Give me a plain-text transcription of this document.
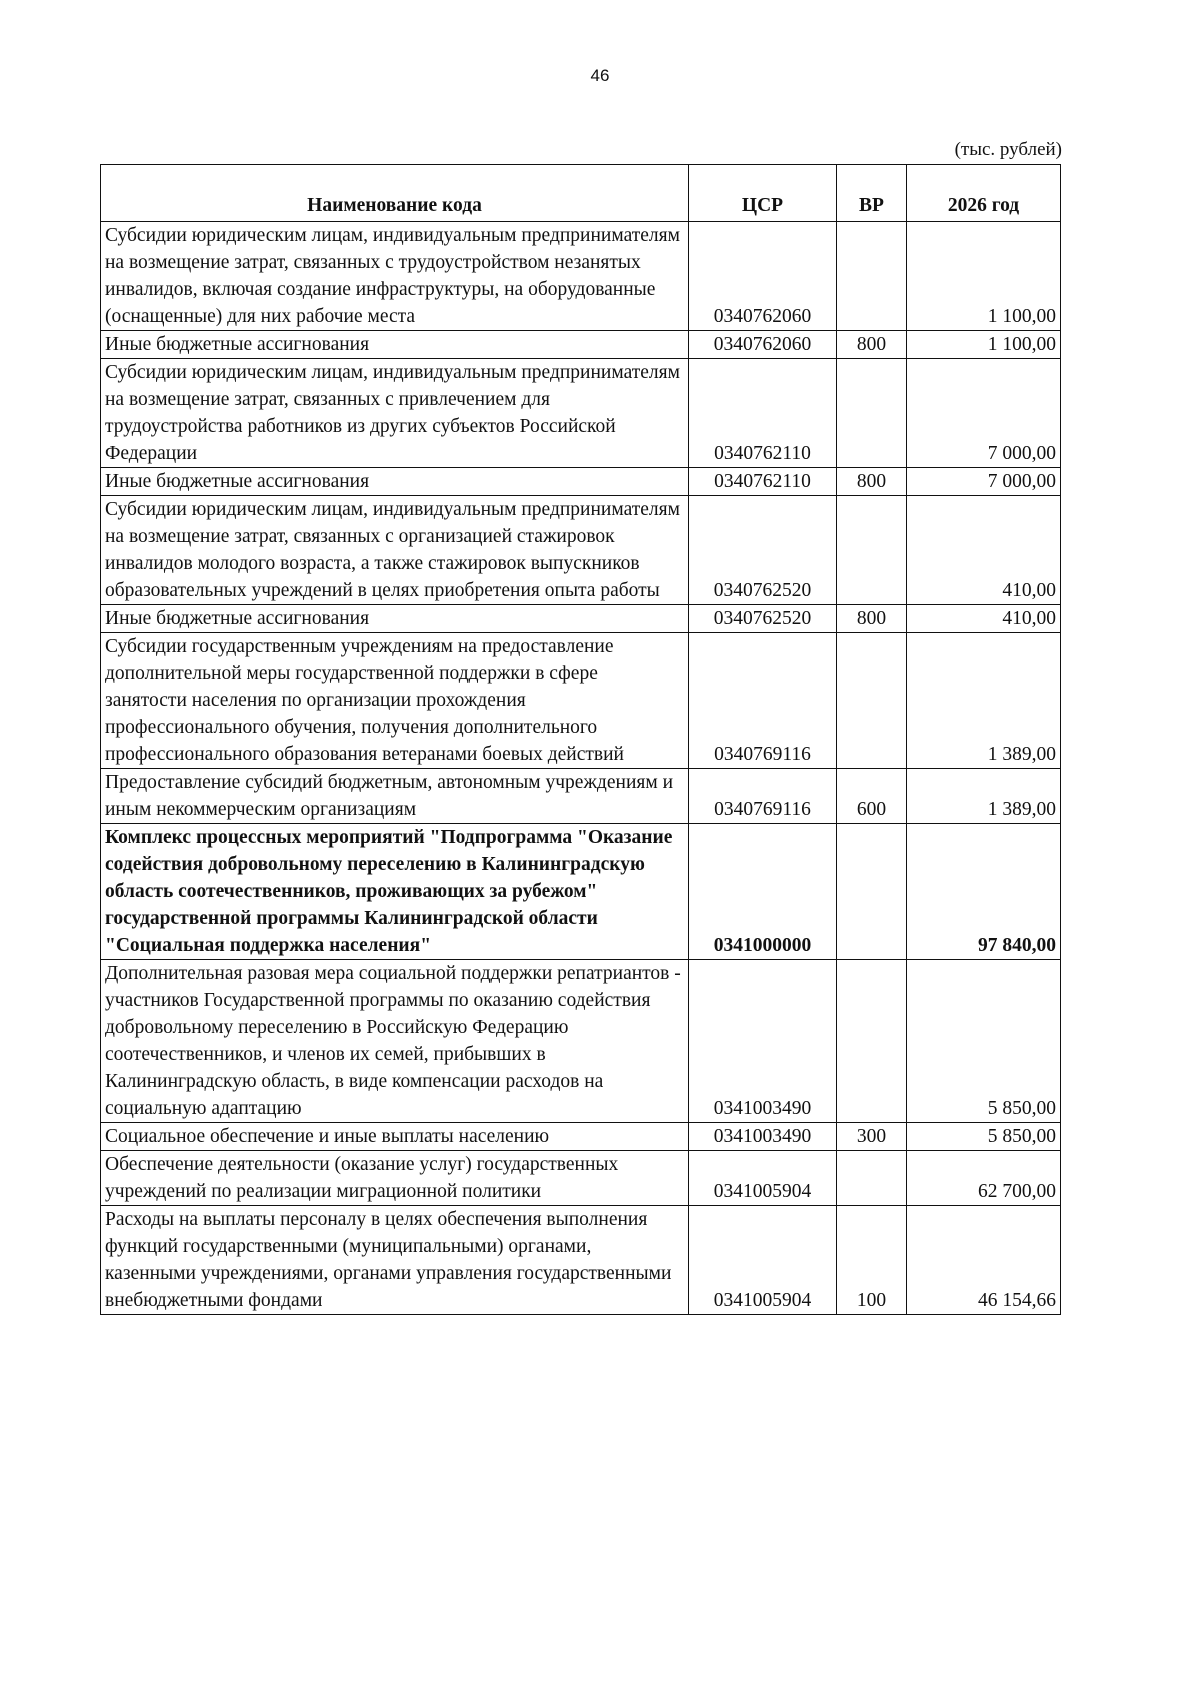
46
(тыс. рублей)
Наименование кода	ЦСР	ВР	2026 год
Субсидии юридическим лицам, индивидуальным предпринимателям на возмещение затрат, связанных с трудоустройством незанятых инвалидов, включая создание инфраструктуры, на оборудованные (оснащенные) для них рабочие места	0340762060		1 100,00
Иные бюджетные ассигнования	0340762060	800	1 100,00
Субсидии юридическим лицам, индивидуальным предпринимателям на возмещение затрат, связанных с привлечением для трудоустройства работников из других субъектов Российской Федерации	0340762110		7 000,00
Иные бюджетные ассигнования	0340762110	800	7 000,00
Субсидии юридическим лицам, индивидуальным предпринимателям на возмещение затрат, связанных с организацией стажировок инвалидов молодого возраста, а также стажировок выпускников образовательных учреждений в целях приобретения опыта работы	0340762520		410,00
Иные бюджетные ассигнования	0340762520	800	410,00
Субсидии государственным учреждениям на предоставление дополнительной меры государственной поддержки в сфере занятости населения по организации прохождения профессионального обучения, получения дополнительного профессионального образования ветеранами боевых действий	0340769116		1 389,00
Предоставление субсидий бюджетным, автономным учреждениям и иным некоммерческим организациям	0340769116	600	1 389,00
Комплекс процессных мероприятий "Подпрограмма "Оказание содействия добровольному переселению в Калининградскую область соотечественников, проживающих за рубежом" государственной программы Калининградской области "Социальная поддержка населения"	0341000000		97 840,00
Дополнительная разовая мера социальной поддержки репатриантов - участников Государственной программы по оказанию содействия добровольному переселению в Российскую Федерацию соотечественников, и членов их семей, прибывших в Калининградскую область, в виде компенсации расходов на социальную адаптацию	0341003490		5 850,00
Социальное обеспечение и иные выплаты населению	0341003490	300	5 850,00
Обеспечение деятельности (оказание услуг) государственных учреждений по реализации миграционной политики	0341005904		62 700,00
Расходы на выплаты персоналу в целях обеспечения выполнения функций государственными (муниципальными) органами, казенными учреждениями, органами управления государственными внебюджетными фондами	0341005904	100	46 154,66
